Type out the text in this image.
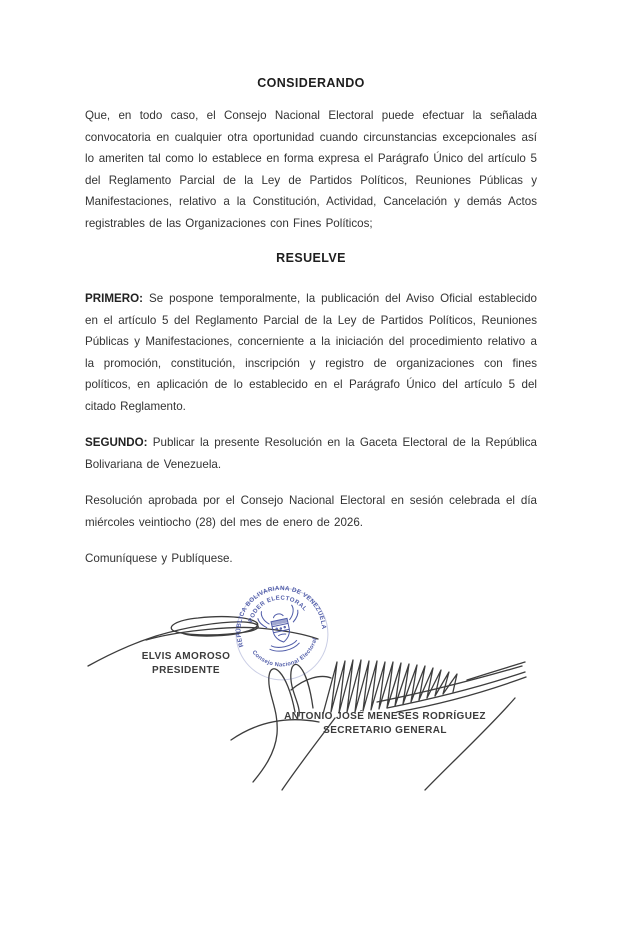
CONSIDERANDO

Que, en todo caso, el Consejo Nacional Electoral puede efectuar la señalada convocatoria en cualquier otra oportunidad cuando circunstancias excepcionales así lo ameriten tal como lo establece en forma expresa el Parágrafo Único del artículo 5 del Reglamento Parcial de la Ley de Partidos Políticos, Reuniones Públicas y Manifestaciones, relativo a la Constitución, Actividad, Cancelación y demás Actos registrables de las Organizaciones con Fines Políticos;

RESUELVE

PRIMERO: Se pospone temporalmente, la publicación del Aviso Oficial establecido en el artículo 5 del Reglamento Parcial de la Ley de Partidos Políticos, Reuniones Públicas y Manifestaciones, concerniente a la iniciación del procedimiento relativo a la promoción, constitución, inscripción y registro de organizaciones con fines políticos, en aplicación de lo establecido en el Parágrafo Único del artículo 5 del citado Reglamento.

SEGUNDO: Publicar la presente Resolución en la Gaceta Electoral de la República Bolivariana de Venezuela.

Resolución aprobada por el Consejo Nacional Electoral en sesión celebrada el día miércoles veintiocho (28) del mes de enero de 2026.

Comuníquese y Publíquese.

ELVIS AMOROSO
PRESIDENTE
REPÚBLICA BOLIVARIANA DE VENEZUELA
PODER ELECTORAL
Consejo Nacional Electoral
ANTONIO JOSÉ MENESES RODRÍGUEZ
SECRETARIO GENERAL
